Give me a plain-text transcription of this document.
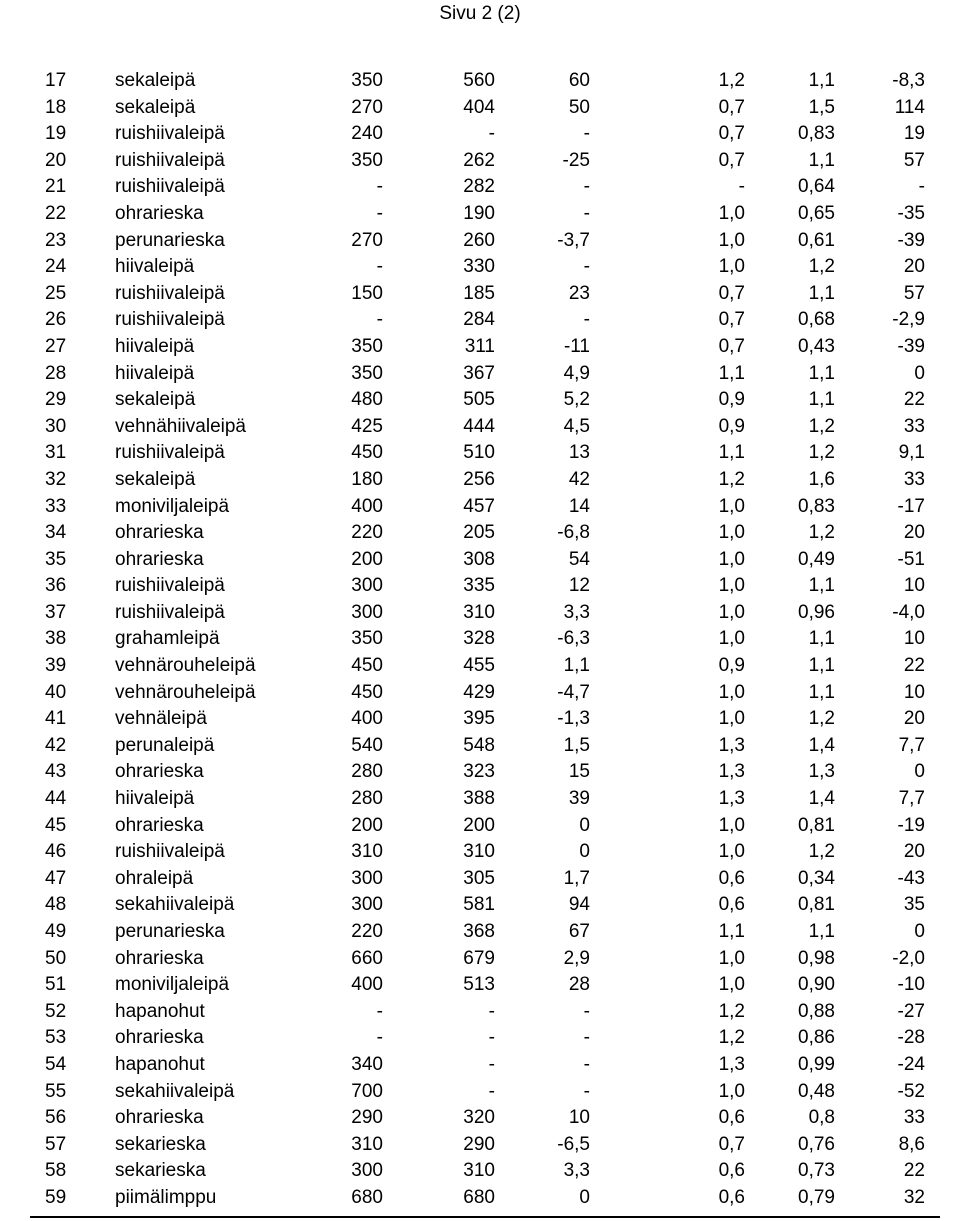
Sivu 2 (2)
17	sekaleipä	350	560	60	1,2	1,1	-8,3
18	sekaleipä	270	404	50	0,7	1,5	114
19	ruishiivaleipä	240	-	-	0,7	0,83	19
20	ruishiivaleipä	350	262	-25	0,7	1,1	57
21	ruishiivaleipä	-	282	-	-	0,64	-
22	ohrarieska	-	190	-	1,0	0,65	-35
23	perunarieska	270	260	-3,7	1,0	0,61	-39
24	hiivaleipä	-	330	-	1,0	1,2	20
25	ruishiivaleipä	150	185	23	0,7	1,1	57
26	ruishiivaleipä	-	284	-	0,7	0,68	-2,9
27	hiivaleipä	350	311	-11	0,7	0,43	-39
28	hiivaleipä	350	367	4,9	1,1	1,1	0
29	sekaleipä	480	505	5,2	0,9	1,1	22
30	vehnähiivaleipä	425	444	4,5	0,9	1,2	33
31	ruishiivaleipä	450	510	13	1,1	1,2	9,1
32	sekaleipä	180	256	42	1,2	1,6	33
33	moniviljaleipä	400	457	14	1,0	0,83	-17
34	ohrarieska	220	205	-6,8	1,0	1,2	20
35	ohrarieska	200	308	54	1,0	0,49	-51
36	ruishiivaleipä	300	335	12	1,0	1,1	10
37	ruishiivaleipä	300	310	3,3	1,0	0,96	-4,0
38	grahamleipä	350	328	-6,3	1,0	1,1	10
39	vehnärouheleipä	450	455	1,1	0,9	1,1	22
40	vehnärouheleipä	450	429	-4,7	1,0	1,1	10
41	vehnäleipä	400	395	-1,3	1,0	1,2	20
42	perunaleipä	540	548	1,5	1,3	1,4	7,7
43	ohrarieska	280	323	15	1,3	1,3	0
44	hiivaleipä	280	388	39	1,3	1,4	7,7
45	ohrarieska	200	200	0	1,0	0,81	-19
46	ruishiivaleipä	310	310	0	1,0	1,2	20
47	ohraleipä	300	305	1,7	0,6	0,34	-43
48	sekahiivaleipä	300	581	94	0,6	0,81	35
49	perunarieska	220	368	67	1,1	1,1	0
50	ohrarieska	660	679	2,9	1,0	0,98	-2,0
51	moniviljaleipä	400	513	28	1,0	0,90	-10
52	hapanohut	-	-	-	1,2	0,88	-27
53	ohrarieska	-	-	-	1,2	0,86	-28
54	hapanohut	340	-	-	1,3	0,99	-24
55	sekahiivaleipä	700	-	-	1,0	0,48	-52
56	ohrarieska	290	320	10	0,6	0,8	33
57	sekarieska	310	290	-6,5	0,7	0,76	8,6
58	sekarieska	300	310	3,3	0,6	0,73	22
59	piimälimppu	680	680	0	0,6	0,79	32
